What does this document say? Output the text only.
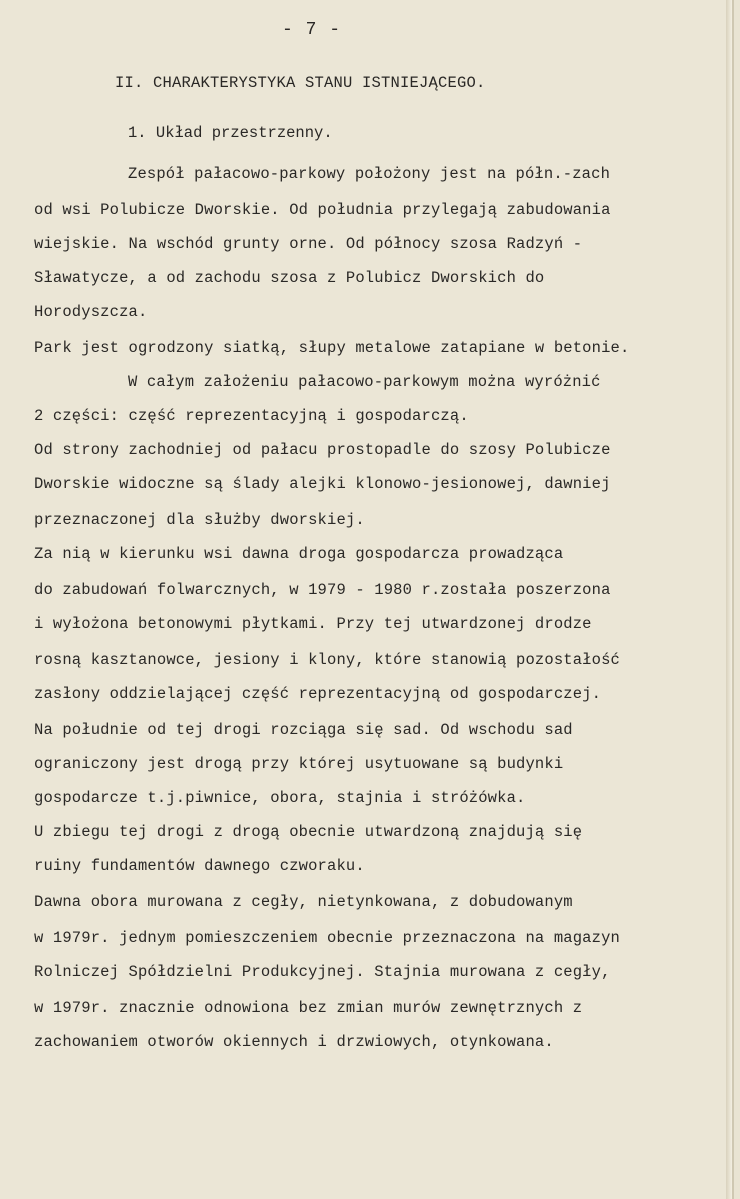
- 7 -
II. CHARAKTERYSTYKA STANU ISTNIEJĄCEGO.
1. Układ przestrzenny.
Zespół pałacowo-parkowy położony jest na półn.-zach
od wsi Polubicze Dworskie. Od południa przylegają zabudowania
wiejskie. Na wschód grunty orne. Od północy szosa Radzyń -
Sławatycze, a od zachodu szosa z Polubicz Dworskich do
Horodyszcza.
Park jest ogrodzony siatką, słupy metalowe zatapiane w betonie.
W całym założeniu pałacowo-parkowym można wyróżnić
2 części: część reprezentacyjną i gospodarczą.
Od strony zachodniej od pałacu prostopadle do szosy Polubicze
Dworskie widoczne są ślady alejki klonowo-jesionowej, dawniej
przeznaczonej dla służby dworskiej.
Za nią w kierunku wsi dawna droga gospodarcza prowadząca
do zabudowań folwarcznych, w 1979 - 1980 r.została poszerzona
i wyłożona betonowymi płytkami. Przy tej utwardzonej drodze
rosną kasztanowce, jesiony i klony, które stanowią pozostałość
zasłony oddzielającej część reprezentacyjną od gospodarczej.
Na południe od tej drogi rozciąga się sad. Od wschodu sad
ograniczony jest drogą przy której usytuowane są budynki
gospodarcze t.j.piwnice, obora, stajnia i stróżówka.
U zbiegu tej drogi z drogą obecnie utwardzoną znajdują się
ruiny fundamentów dawnego czworaku.
Dawna obora murowana z cegły, nietynkowana, z dobudowanym
w 1979r. jednym pomieszczeniem obecnie przeznaczona na magazyn
Rolniczej Spółdzielni Produkcyjnej. Stajnia murowana z cegły,
w 1979r. znacznie odnowiona bez zmian murów zewnętrznych z
zachowaniem otworów okiennych i drzwiowych, otynkowana.
